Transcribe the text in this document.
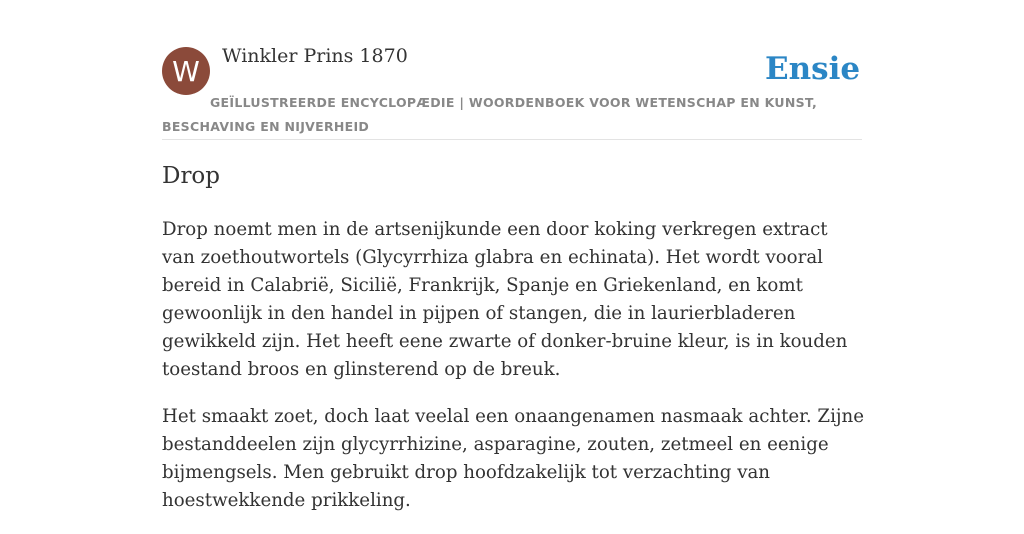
W Winkler Prins 1870	Ensie
GEÏLLUSTREERDE ENCYCLOPÆDIE | WOORDENBOEK VOOR WETENSCHAP EN KUNST, BESCHAVING EN NIJVERHEID
Drop

Drop noemt men in de artsenijkunde een door koking verkregen extract van zoethoutwortels (Glycyrrhiza glabra en echinata). Het wordt vooral bereid in Calabrië, Sicilië, Frankrijk, Spanje en Griekenland, en komt gewoonlijk in den handel in pijpen of stangen, die in laurierbladeren gewikkeld zijn. Het heeft eene zwarte of donker-bruine kleur, is in kouden toestand broos en glinsterend op de breuk.

Het smaakt zoet, doch laat veelal een onaangenamen nasmaak achter. Zijne bestanddeelen zijn glycyrrhizine, asparagine, zouten, zetmeel en eenige bijmengsels. Men gebruikt drop hoofdzakelijk tot verzachting van hoestwekkende prikkeling.
